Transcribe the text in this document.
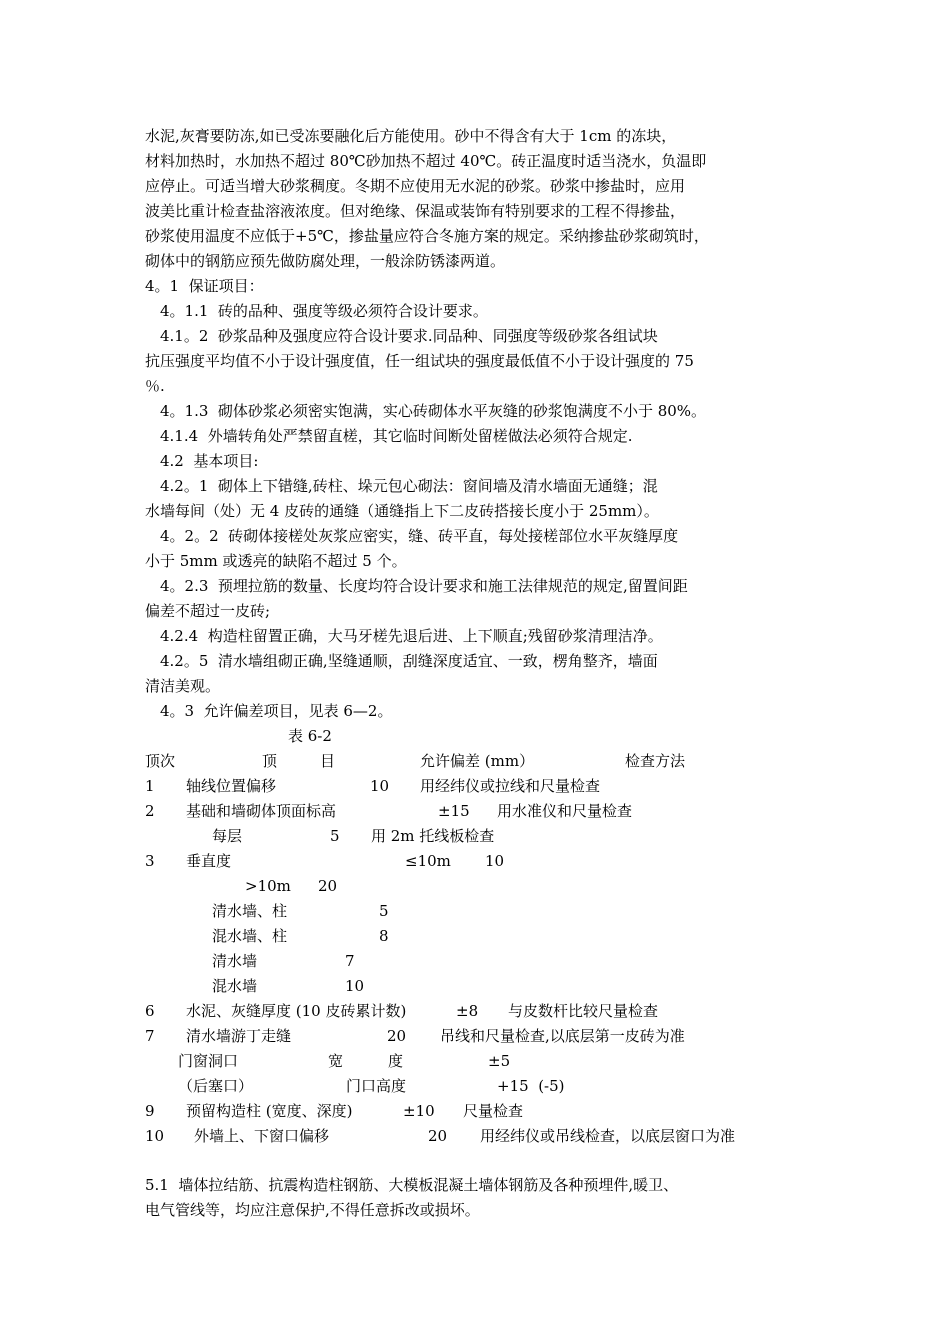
水泥,灰膏要防冻,如已受冻要融化后方能使用。砂中不得含有大于 1cm 的冻块，
材料加热时，水加热不超过 80℃砂加热不超过 40℃。砖正温度时适当浇水，负温即
应停止。可适当增大砂浆稠度。冬期不应使用无水泥的砂浆。砂浆中掺盐时，应用
波美比重计检查盐溶液浓度。但对绝缘、保温或装饰有特别要求的工程不得掺盐，
砂浆使用温度不应低于+5℃，掺盐量应符合冬施方案的规定。采纳掺盐砂浆砌筑时，
砌体中的钢筋应预先做防腐处理，一般涂防锈漆两道。
4。1  保证项目：
4。1.1  砖的品种、强度等级必须符合设计要求。
4.1。2  砂浆品种及强度应符合设计要求.同品种、同强度等级砂浆各组试块
抗压强度平均值不小于设计强度值，任一组试块的强度最低值不小于设计强度的 75
％.
4。1.3  砌体砂浆必须密实饱满，实心砖砌体水平灰缝的砂浆饱满度不小于 80%。
4.1.4  外墙转角处严禁留直槎，其它临时间断处留槎做法必须符合规定.
4.2  基本项目:
4.2。1  砌体上下错缝,砖柱、垛元包心砌法：窗间墙及清水墙面无通缝；混
水墙每间（处）无 4 皮砖的通缝（通缝指上下二皮砖搭接长度小于 25mm）。
4。2。2  砖砌体接槎处灰浆应密实，缝、砖平直，每处接槎部位水平灰缝厚度
小于 5mm 或透亮的缺陷不超过 5 个。
4。2.3  预埋拉筋的数量、长度均符合设计要求和施工法律规范的规定,留置间距
偏差不超过一皮砖;
4.2.4  构造柱留置正确，大马牙槎先退后进、上下顺直;残留砂浆清理洁净。
4.2。5  清水墙组砌正确,坚缝通顺，刮缝深度适宜、一致，楞角整齐，墙面
清洁美观。
4。3  允许偏差项目，见表 6—2。
表 6-2
顶次	顶	目	允许偏差 (mm）	检查方法
1 轴线位置偏移	10 用经纬仪或拉线和尺量检查
2 基础和墙砌体顶面标高	±15 用水准仪和尺量检查
每层	5 用 2m 托线板检查
3 垂直度	≤10m 10
>10m 20
清水墙、柱	5
混水墙、柱	8
清水墙	7
混水墙	10
6 水泥、灰缝厚度 (10 皮砖累计数)	±8 与皮数杆比较尺量检查
7 清水墙游丁走缝	20 吊线和尺量检查,以底层第一皮砖为准
门窗洞口	宽	度	±5
（后塞口）	门口高度	+15  (-5)
9 预留构造柱 (宽度、深度)	±10 尺量检查
10 外墙上、下窗口偏移	20 用经纬仪或吊线检查，以底层窗口为准
5.1  墙体拉结筋、抗震构造柱钢筋、大模板混凝土墙体钢筋及各种预埋件,暖卫、
电气管线等，均应注意保护,不得任意拆改或损坏。
